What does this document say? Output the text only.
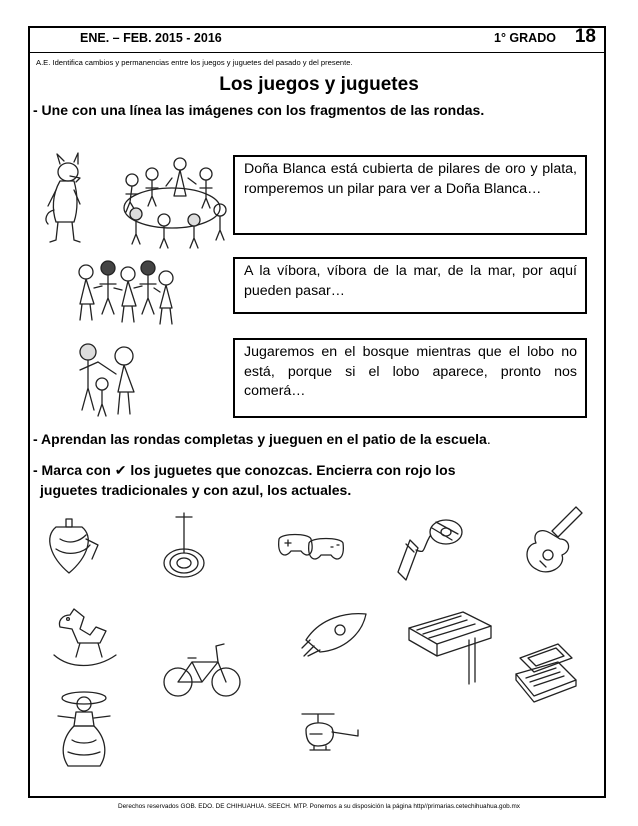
ENE. – FEB. 2015 - 2016	1° GRADO 18
A.E. Identifica cambios y permanencias entre los juegos y juguetes del pasado y del presente.
Los juegos y juguetes
- Une con una línea las imágenes con los fragmentos de las rondas.
Doña Blanca está cubierta de pilares de oro y plata, romperemos un pilar para ver a Doña Blanca…
A la víbora, víbora de la mar, de la mar, por aquí pueden pasar…
Jugaremos en el bosque mientras que el lobo no está, porque si el lobo aparece, pronto nos comerá…
- Aprendan las rondas completas y jueguen en el patio de la escuela.
- Marca con ✔ los juguetes que conozcas. Encierra con rojo los
juguetes tradicionales y con azul, los actuales.
Derechos reservados GOB. EDO. DE CHIHUAHUA. SEECH. MTP. Ponemos a su disposición la página http//primarias.cetechihuahua.gob.mx
